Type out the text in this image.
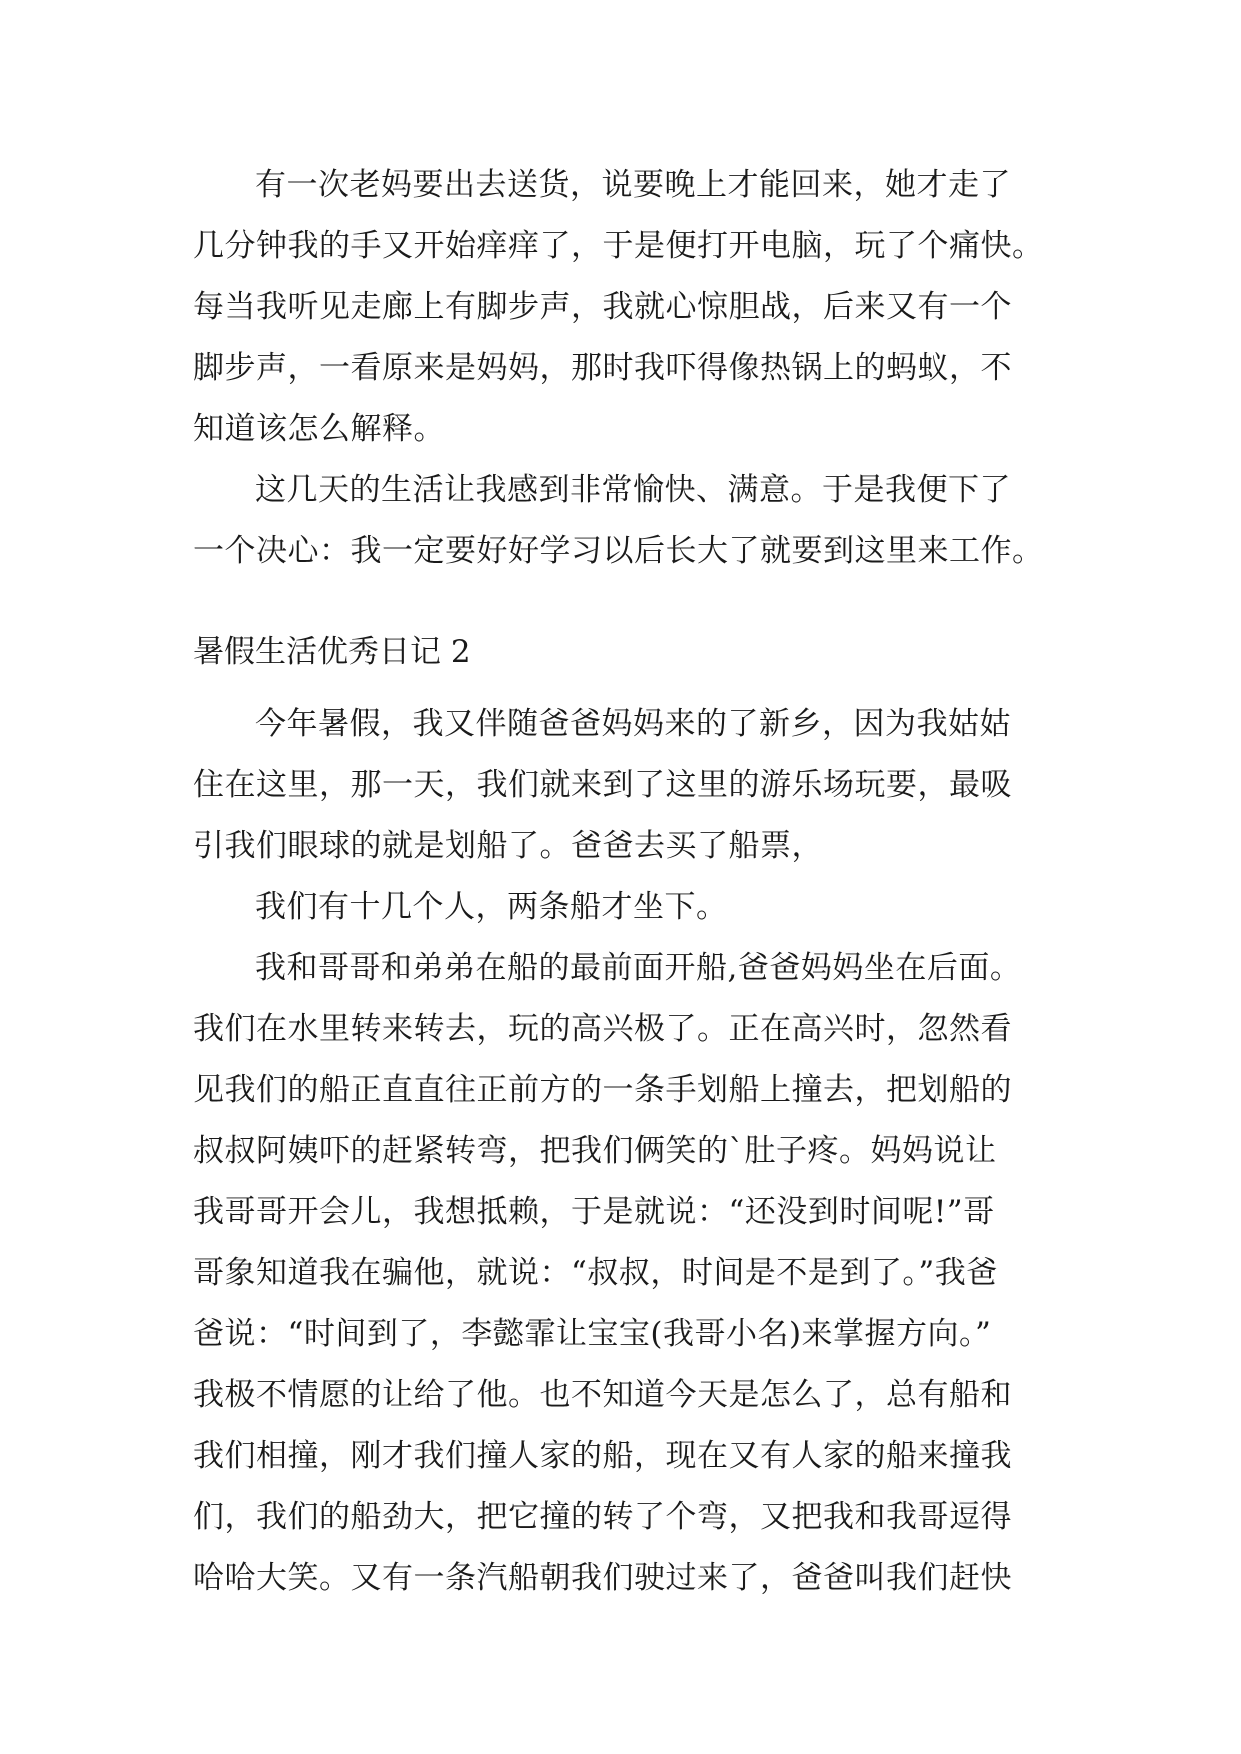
有一次老妈要出去送货，说要晚上才能回来，她才走了
几分钟我的手又开始痒痒了，于是便打开电脑，玩了个痛快。
每当我听见走廊上有脚步声，我就心惊胆战，后来又有一个
脚步声，一看原来是妈妈，那时我吓得像热锅上的蚂蚁，不
知道该怎么解释。
这几天的生活让我感到非常愉快、满意。于是我便下了
一个决心：我一定要好好学习以后长大了就要到这里来工作。
暑假生活优秀日记 2
今年暑假，我又伴随爸爸妈妈来的了新乡，因为我姑姑
住在这里，那一天，我们就来到了这里的游乐场玩要，最吸
引我们眼球的就是划船了。爸爸去买了船票，
我们有十几个人，两条船才坐下。
我和哥哥和弟弟在船的最前面开船,爸爸妈妈坐在后面。
我们在水里转来转去，玩的高兴极了。正在高兴时，忽然看
见我们的船正直直往正前方的一条手划船上撞去，把划船的
叔叔阿姨吓的赶紧转弯，把我们俩笑的`肚子疼。妈妈说让
我哥哥开会儿，我想抵赖，于是就说：“还没到时间呢!”哥
哥象知道我在骗他，就说：“叔叔，时间是不是到了。”我爸
爸说：“时间到了，李懿霏让宝宝(我哥小名)来掌握方向。”
我极不情愿的让给了他。也不知道今天是怎么了，总有船和
我们相撞，刚才我们撞人家的船，现在又有人家的船来撞我
们，我们的船劲大，把它撞的转了个弯，又把我和我哥逗得
哈哈大笑。又有一条汽船朝我们驶过来了，爸爸叫我们赶快
